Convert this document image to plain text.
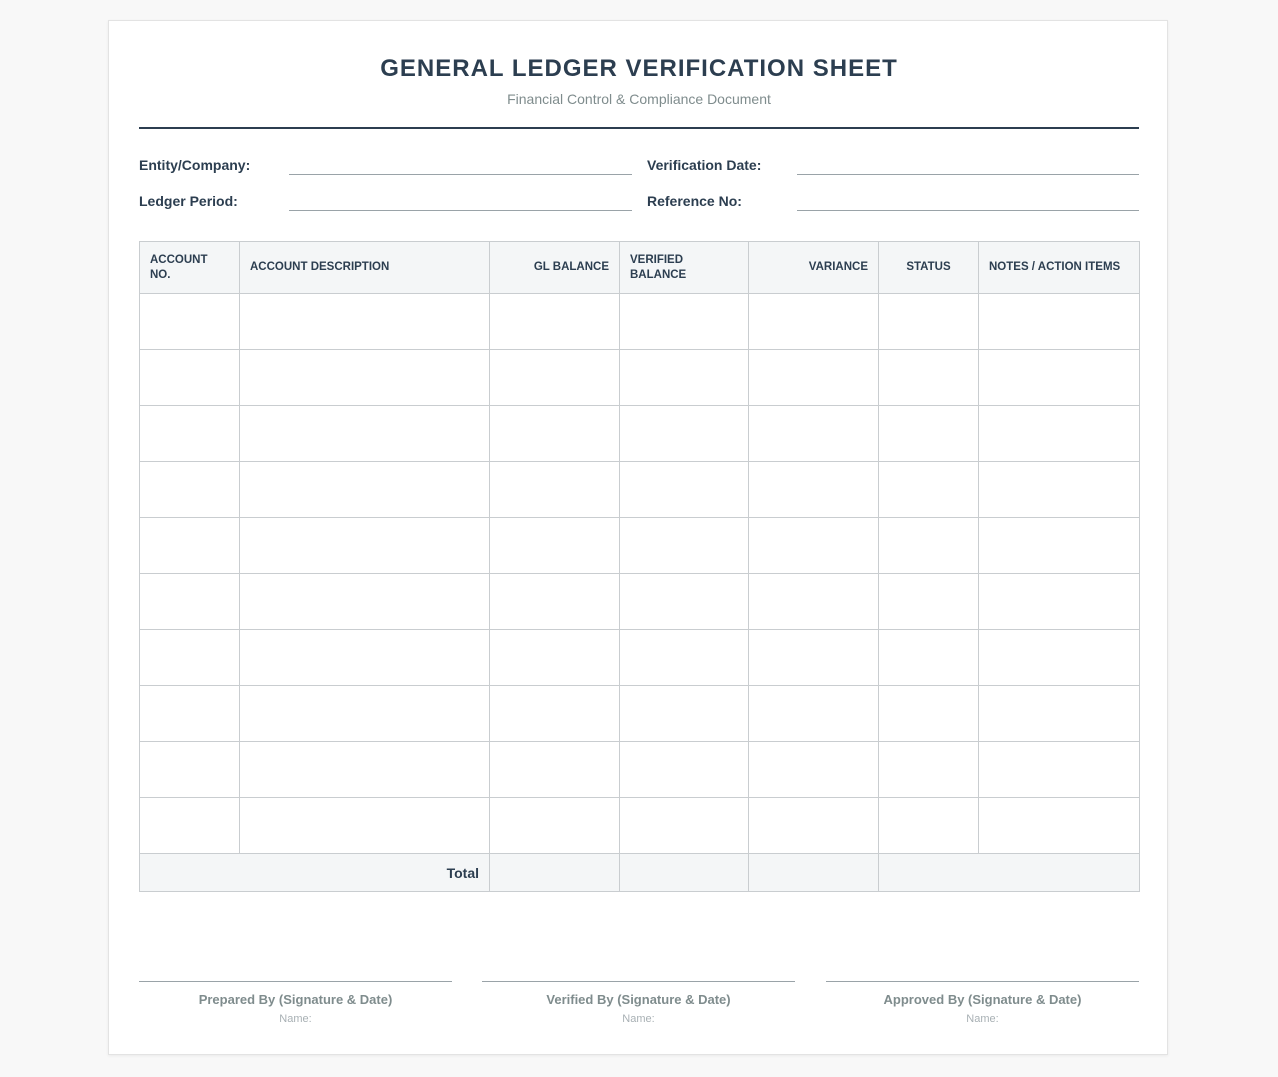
GENERAL LEDGER VERIFICATION SHEET
Financial Control & Compliance Document
Entity/Company:	Verification Date:
Ledger Period:	Reference No:
ACCOUNT NO.	ACCOUNT DESCRIPTION	GL BALANCE	VERIFIED BALANCE	VARIANCE	STATUS	NOTES / ACTION ITEMS

Total						
Prepared By (Signature & Date)
Name:
Verified By (Signature & Date)
Name:
Approved By (Signature & Date)
Name:
